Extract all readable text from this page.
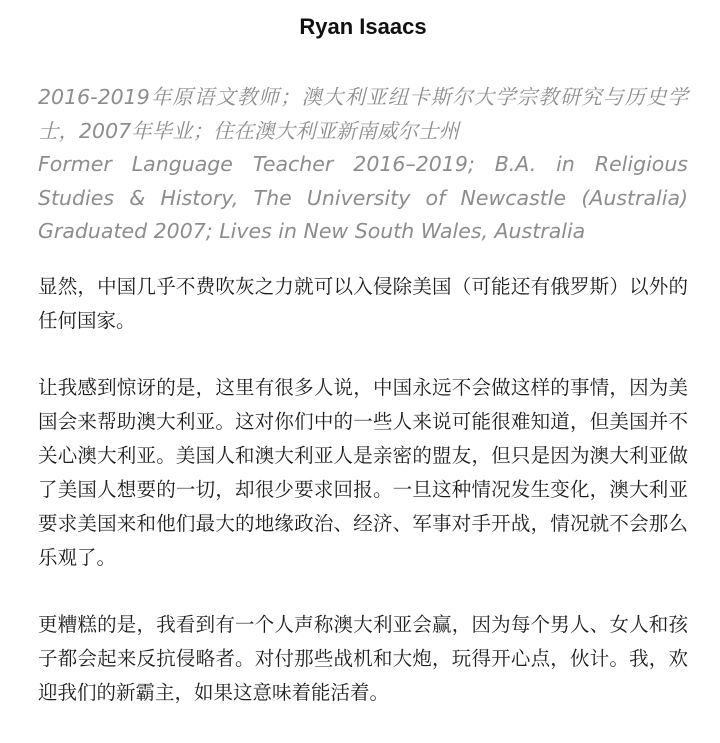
Ryan Isaacs

2016-2019年原语文教师；澳大利亚纽卡斯尔大学宗教研究与历史学士，2007年毕业；住在澳大利亚新南威尔士州

Former Language Teacher 2016–2019; B.A. in Religious Studies & History, The University of Newcastle (Australia) Graduated 2007; Lives in New South Wales, Australia

显然，中国几乎不费吹灰之力就可以入侵除美国（可能还有俄罗斯）以外的任何国家。

让我感到惊讶的是，这里有很多人说，中国永远不会做这样的事情，因为美国会来帮助澳大利亚。这对你们中的一些人来说可能很难知道，但美国并不关心澳大利亚。美国人和澳大利亚人是亲密的盟友，但只是因为澳大利亚做了美国人想要的一切，却很少要求回报。一旦这种情况发生变化，澳大利亚要求美国来和他们最大的地缘政治、经济、军事对手开战，情况就不会那么乐观了。

更糟糕的是，我看到有一个人声称澳大利亚会赢，因为每个男人、女人和孩子都会起来反抗侵略者。对付那些战机和大炮，玩得开心点，伙计。我，欢迎我们的新霸主，如果这意味着能活着。
